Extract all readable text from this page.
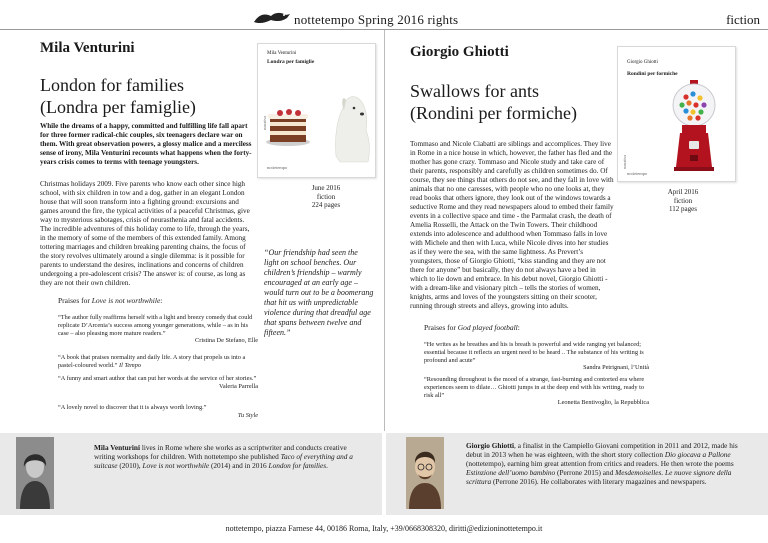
nottetempo Spring 2016 rights	fiction
Mila Venturini
London for families
(Londra per famiglie)
While the dreams of a happy, committed and fulfilling life fall apart for three former radical-chic couples, six teenagers declare war on them. With great observation powers, a glossy malice and a merciless sense of irony, Mila Venturini recounts what happens when the forty-years crisis comes to terms with teenage youngsters.
Christmas holidays 2009. Five parents who know each other since high school, with six children in tow and a dog, gather in an elegant London house that will soon transform into a fighting ground: excursions and games around the fire, the typical activities of a peaceful Christmas, give way to mysterious sabotages, crisis of neurasthenia and fatal accidents. The incredible adventures of this holiday come to life, through the years, in the memory of some of the members of this extended family. Among tottering marriages and children breaking parenting chains, the focus of the story revolves ultimately around a single dilemma: is it possible for parents to understand the desires, inclinations and concerns of children undergoing a pre-adolescent crisis? The answer is: of course, as long as they are not their own children.
Mila Venturini
Londra per famiglie
narrativa
nottetempo
June 2016
fiction
224 pages
“Our friendship had seen the light on school benches. Our children’s friendship – warmly encouraged at an early age – would turn out to be a boomerang that hit us with unpredictable violence during that dreadful age that spans between twelve and fifteen.”
Praises for Love is not worthwhile:
“The author fully reaffirms herself with a light and breezy comedy that could replicate D’Arcenia’s success among younger generations, while – as in his case – also pleasing more mature readers.”
Cristina De Stefano, Elle
“A book that praises normality and daily life. A story that propels us into a pastel-coloured world.” Il Tempo
“A funny and smart author that can put her words at the service of her stories.”
Valeria Parrella
“A lovely novel to discover that it is always worth loving.”
Tu Style
Mila Venturini lives in Rome where she works as a scriptwriter and conducts creative writing workshops for children. With nottetempo she published Taco of everything and a suitcase (2010), Love is not worthwhile (2014) and in 2016 London for families.
Giorgio Ghiotti
Swallows for ants
(Rondini per formiche)
Giorgio Ghiotti
Rondini per formiche
narrativa
nottetempo
April 2016
fiction
112 pages
Tommaso and Nicole Ciabatti are siblings and accomplices. They live in Rome in a nice house in which, however, the father has fled and the mother has gone crazy. Tommaso and Nicole study and take care of their parents, responsibly and carefully as children sometimes do. Of course, they see things that others do not see, and they fall in love with animals that no one caresses, with people who no one looks at, they read books that others ignore, they look out of the windows towards a seductive Rome and they read newspapers aloud to embed their family events in a collective space and time - the Parmalat crash, the death of Amelia Rosselli, the Attack on the Twin Towers. Their childhood extends into adolescence and adulthood when Tommaso falls in love with Michele and then with Luca, while Nicole dives into her studies as if they were the sea, with the same lightness. As Prevert’s youngsters, those of Giorgio Ghiotti, “kiss standing and they are not there for anyone” but basically, they do not always have a bed in which to lie down and embrace. In his debut novel, Giorgio Ghiotti - with a dream-like and visionary pitch – tells the stories of women, knights, arms and loves of the youngsters sitting on their scooter, running through streets and alleys, growing into adults.
Praises for God played football:
“He writes as he breathes and his is breath is powerful and wide ranging yet balanced; essential because it reflects an urgent need to be heard .. The substance of his writing is profound and acute”
Sandra Petrignani, l’Unità
“Resounding throughout is the mood of a strange, fast-burning and contorted era where experiences seem to dilate… Ghiotti jumps in at the deep end with his writing, ready to risk all”
Leonetta Bentivoglio, la Repubblica
Giorgio Ghiotti, a finalist in the Campiello Giovani competition in 2011 and 2012, made his debut in 2013 when he was eighteen, with the short story collection Dio giocava a Pallone (nottetempo), earning him great attention from critics and readers. He then wrote the poems Estinzione dell’uomo bambino (Perrone 2015) and Mesdemoiselles. Le nuove signore della scrittura (Perrone 2016). He collaborates with literary magazines and newspapers.
nottetempo, piazza Farnese 44, 00186 Roma, Italy, +39/0668308320, diritti@edizioninottetempo.it
